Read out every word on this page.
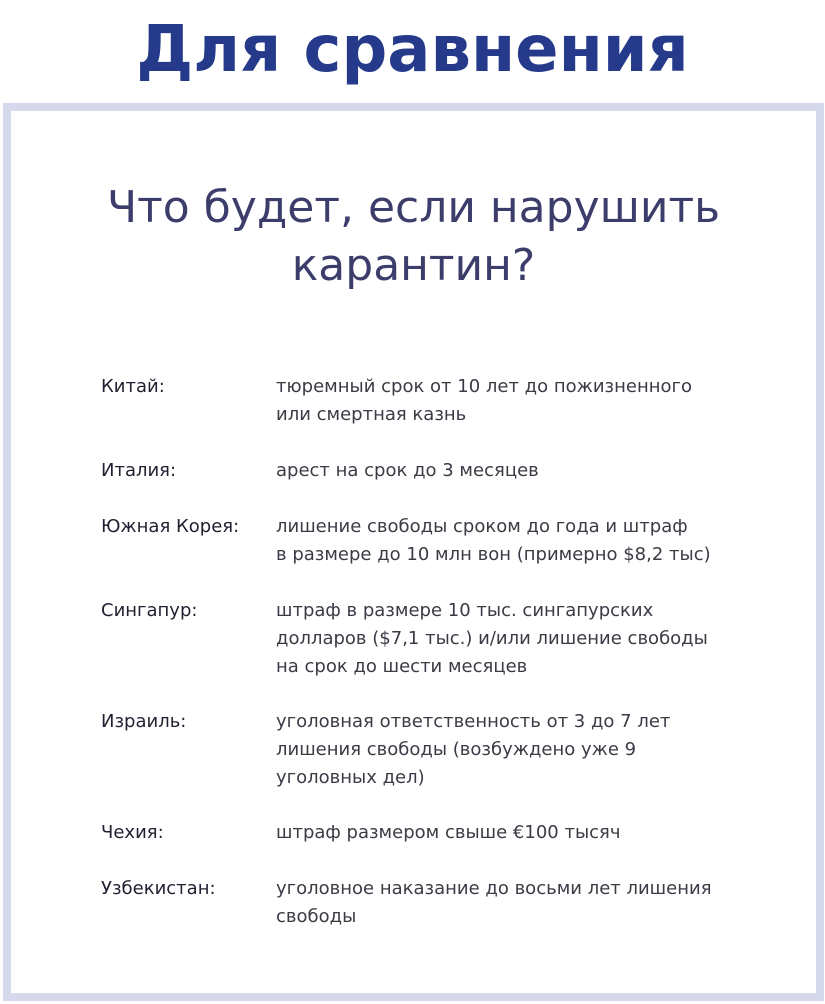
Для сравнения
Что будет, если нарушить
карантин?
Китай:	тюремный срок от 10 лет до пожизненного
или смертная казнь
Италия:	арест на срок до 3 месяцев
Южная Корея:	лишение свободы сроком до года и штраф
в размере до 10 млн вон (примерно $8,2 тыс)
Сингапур:	штраф в размере 10 тыс. сингапурских
долларов ($7,1 тыс.) и/или лишение свободы
на срок до шести месяцев
Израиль:	уголовная ответственность от 3 до 7 лет
лишения свободы (возбуждено уже 9
уголовных дел)
Чехия:	штраф размером свыше €100 тысяч
Узбекистан:	уголовное наказание до восьми лет лишения
свободы
